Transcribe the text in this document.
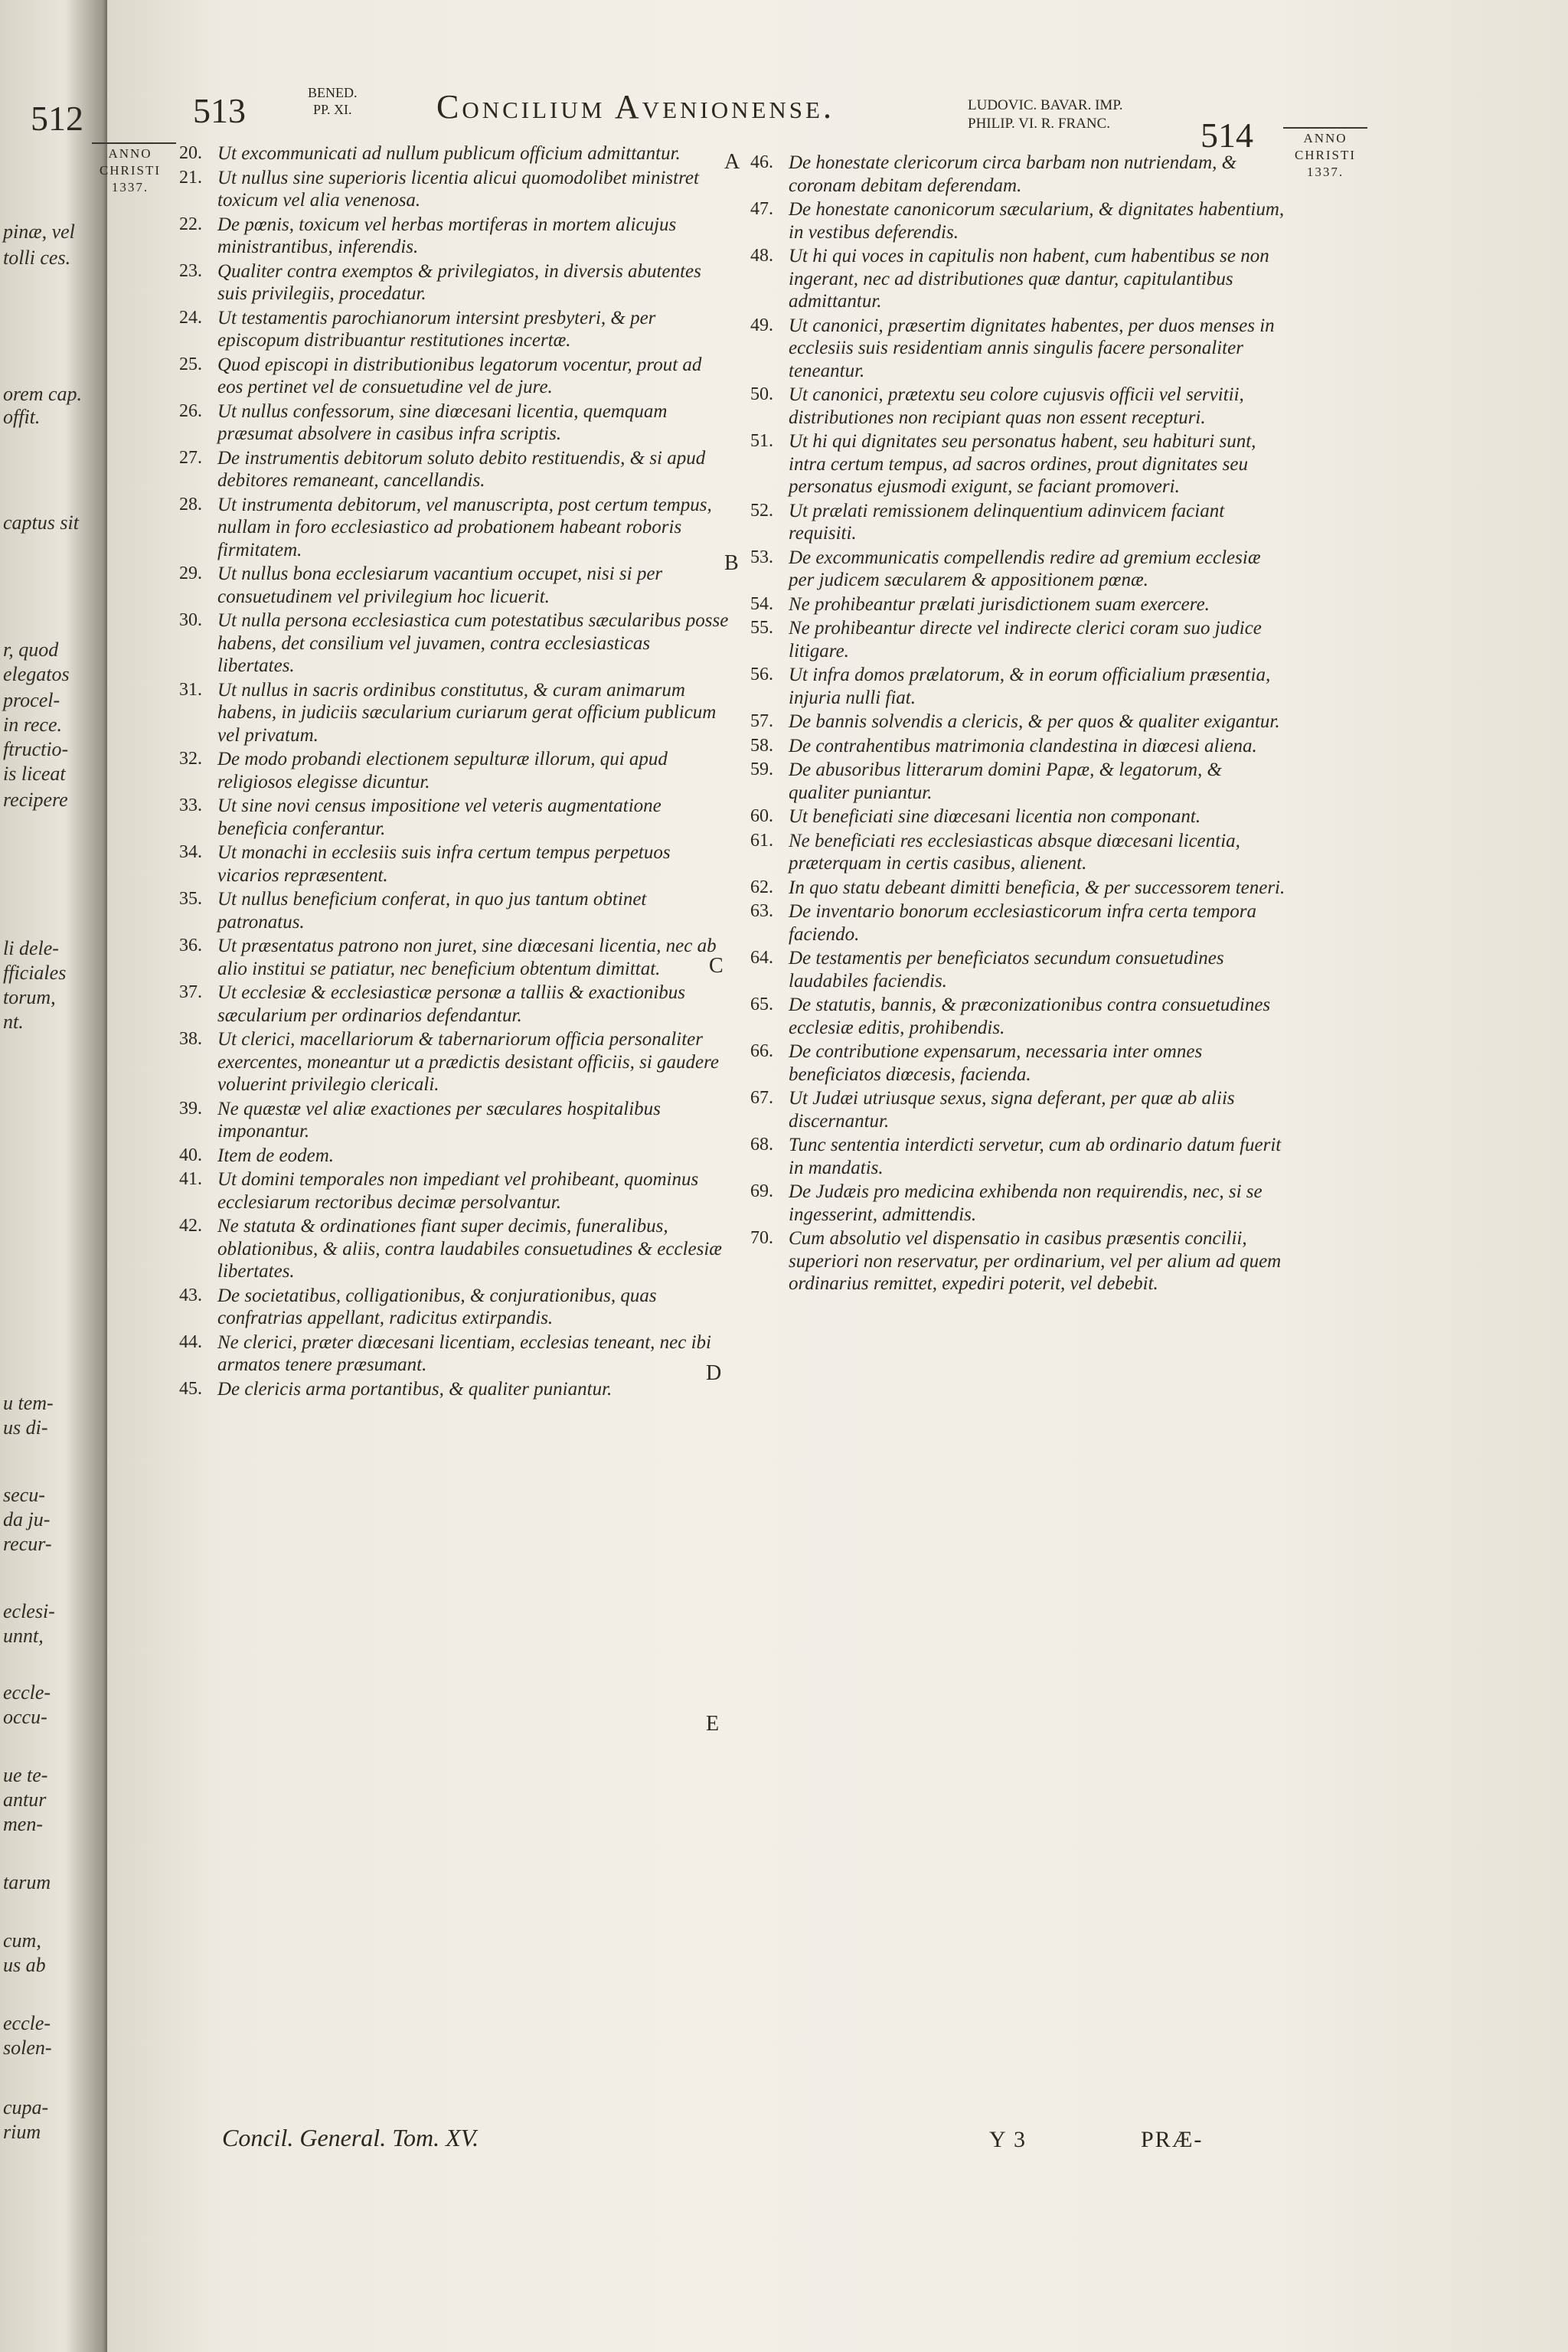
512
pinæ, vel
tolli ces.
orem cap.
offit.
captus sit
r, quod
elegatos
procel-
in rece.
ftructio-
is liceat
recipere
li dele-
fficiales
torum,
nt.
u tem-
us di-
secu-
da ju-
recur-
eclesi-
unnt,
eccle-
occu-
ue te-
antur
men-
tarum
cum,
us ab
eccle-
solen-
cupa-
rium
513	BENED.
PP. XI.	Concilium Avenionense.	LUDOVIC. BAVAR. IMP.
PHILIP. VI. R. FRANC.	514
ANNO
CHRISTI
1337.
ANNO
CHRISTI
1337.
20. Ut excommunicati ad nullum publicum officium admittantur.
21. Ut nullus sine superioris licentia alicui quomodolibet ministret toxicum vel alia venenosa.
22. De pœnis, toxicum vel herbas mortiferas in mortem alicujus ministrantibus, inferendis.
23. Qualiter contra exemptos & privilegiatos, in diversis abutentes suis privilegiis, procedatur.
24. Ut testamentis parochianorum intersint presbyteri, & per episcopum distribuantur restitutiones incertæ.
25. Quod episcopi in distributionibus legatorum vocentur, prout ad eos pertinet vel de consuetudine vel de jure.
26. Ut nullus confessorum, sine diœcesani licentia, quemquam præsumat absolvere in casibus infra scriptis.
27. De instrumentis debitorum soluto debito restituendis, & si apud debitores remaneant, cancellandis.
28. Ut instrumenta debitorum, vel manuscripta, post certum tempus, nullam in foro ecclesiastico ad probationem habeant roboris firmitatem.
29. Ut nullus bona ecclesiarum vacantium occupet, nisi si per consuetudinem vel privilegium hoc licuerit.
30. Ut nulla persona ecclesiastica cum potestatibus sæcularibus posse habens, det consilium vel juvamen, contra ecclesiasticas libertates.
31. Ut nullus in sacris ordinibus constitutus, & curam animarum habens, in judiciis sæcularium curiarum gerat officium publicum vel privatum.
32. De modo probandi electionem sepulturæ illorum, qui apud religiosos elegisse dicuntur.
33. Ut sine novi census impositione vel veteris augmentatione beneficia conferantur.
34. Ut monachi in ecclesiis suis infra certum tempus perpetuos vicarios repræsentent.
35. Ut nullus beneficium conferat, in quo jus tantum obtinet patronatus.
36. Ut præsentatus patrono non juret, sine diœcesani licentia, nec ab alio institui se patiatur, nec beneficium obtentum dimittat.
37. Ut ecclesiæ & ecclesiasticæ personæ a talliis & exactionibus sæcularium per ordinarios defendantur.
38. Ut clerici, macellariorum & tabernariorum officia personaliter exercentes, moneantur ut a prædictis desistant officiis, si gaudere voluerint privilegio clericali.
39. Ne quæstæ vel aliæ exactiones per sæculares hospitalibus imponantur.
40. Item de eodem.
41. Ut domini temporales non impediant vel prohibeant, quominus ecclesiarum rectoribus decimæ persolvantur.
42. Ne statuta & ordinationes fiant super decimis, funeralibus, oblationibus, & aliis, contra laudabiles consuetudines & ecclesiæ libertates.
43. De societatibus, colligationibus, & conjurationibus, quas confratrias appellant, radicitus extirpandis.
44. Ne clerici, præter diœcesani licentiam, ecclesias teneant, nec ibi armatos tenere præsumant.
45. De clericis arma portantibus, & qualiter puniantur.
46. De honestate clericorum circa barbam non nutriendam, & coronam debitam deferendam.
47. De honestate canonicorum sæcularium, & dignitates habentium, in vestibus deferendis.
48. Ut hi qui voces in capitulis non habent, cum habentibus se non ingerant, nec ad distributiones quæ dantur, capitulantibus admittantur.
49. Ut canonici, præsertim dignitates habentes, per duos menses in ecclesiis suis residentiam annis singulis facere personaliter teneantur.
50. Ut canonici, prætextu seu colore cujusvis officii vel servitii, distributiones non recipiant quas non essent recepturi.
51. Ut hi qui dignitates seu personatus habent, seu habituri sunt, intra certum tempus, ad sacros ordines, prout dignitates seu personatus ejusmodi exigunt, se faciant promoveri.
52. Ut prælati remissionem delinquentium adinvicem faciant requisiti.
53. De excommunicatis compellendis redire ad gremium ecclesiæ per judicem sæcularem & appositionem pœnæ.
54. Ne prohibeantur prælati jurisdictionem suam exercere.
55. Ne prohibeantur directe vel indirecte clerici coram suo judice litigare.
56. Ut infra domos prælatorum, & in eorum officialium præsentia, injuria nulli fiat.
57. De bannis solvendis a clericis, & per quos & qualiter exigantur.
58. De contrahentibus matrimonia clandestina in diœcesi aliena.
59. De abusoribus litterarum domini Papæ, & legatorum, & qualiter puniantur.
60. Ut beneficiati sine diœcesani licentia non componant.
61. Ne beneficiati res ecclesiasticas absque diœcesani licentia, præterquam in certis casibus, alienent.
62. In quo statu debeant dimitti beneficia, & per successorem teneri.
63. De inventario bonorum ecclesiasticorum infra certa tempora faciendo.
64. De testamentis per beneficiatos secundum consuetudines laudabiles faciendis.
65. De statutis, bannis, & præconizationibus contra consuetudines ecclesiæ editis, prohibendis.
66. De contributione expensarum, necessaria inter omnes beneficiatos diœcesis, facienda.
67. Ut Judæi utriusque sexus, signa deferant, per quæ ab aliis discernantur.
68. Tunc sententia interdicti servetur, cum ab ordinario datum fuerit in mandatis.
69. De Judæis pro medicina exhibenda non requirendis, nec, si se ingesserint, admittendis.
70. Cum absolutio vel dispensatio in casibus præsentis concilii, superiori non reservatur, per ordinarium, vel per alium ad quem ordinarius remittet, expediri poterit, vel debebit.
A
B
C
D
E
Concil. General. Tom. XV.	Y 3	PRÆ-
